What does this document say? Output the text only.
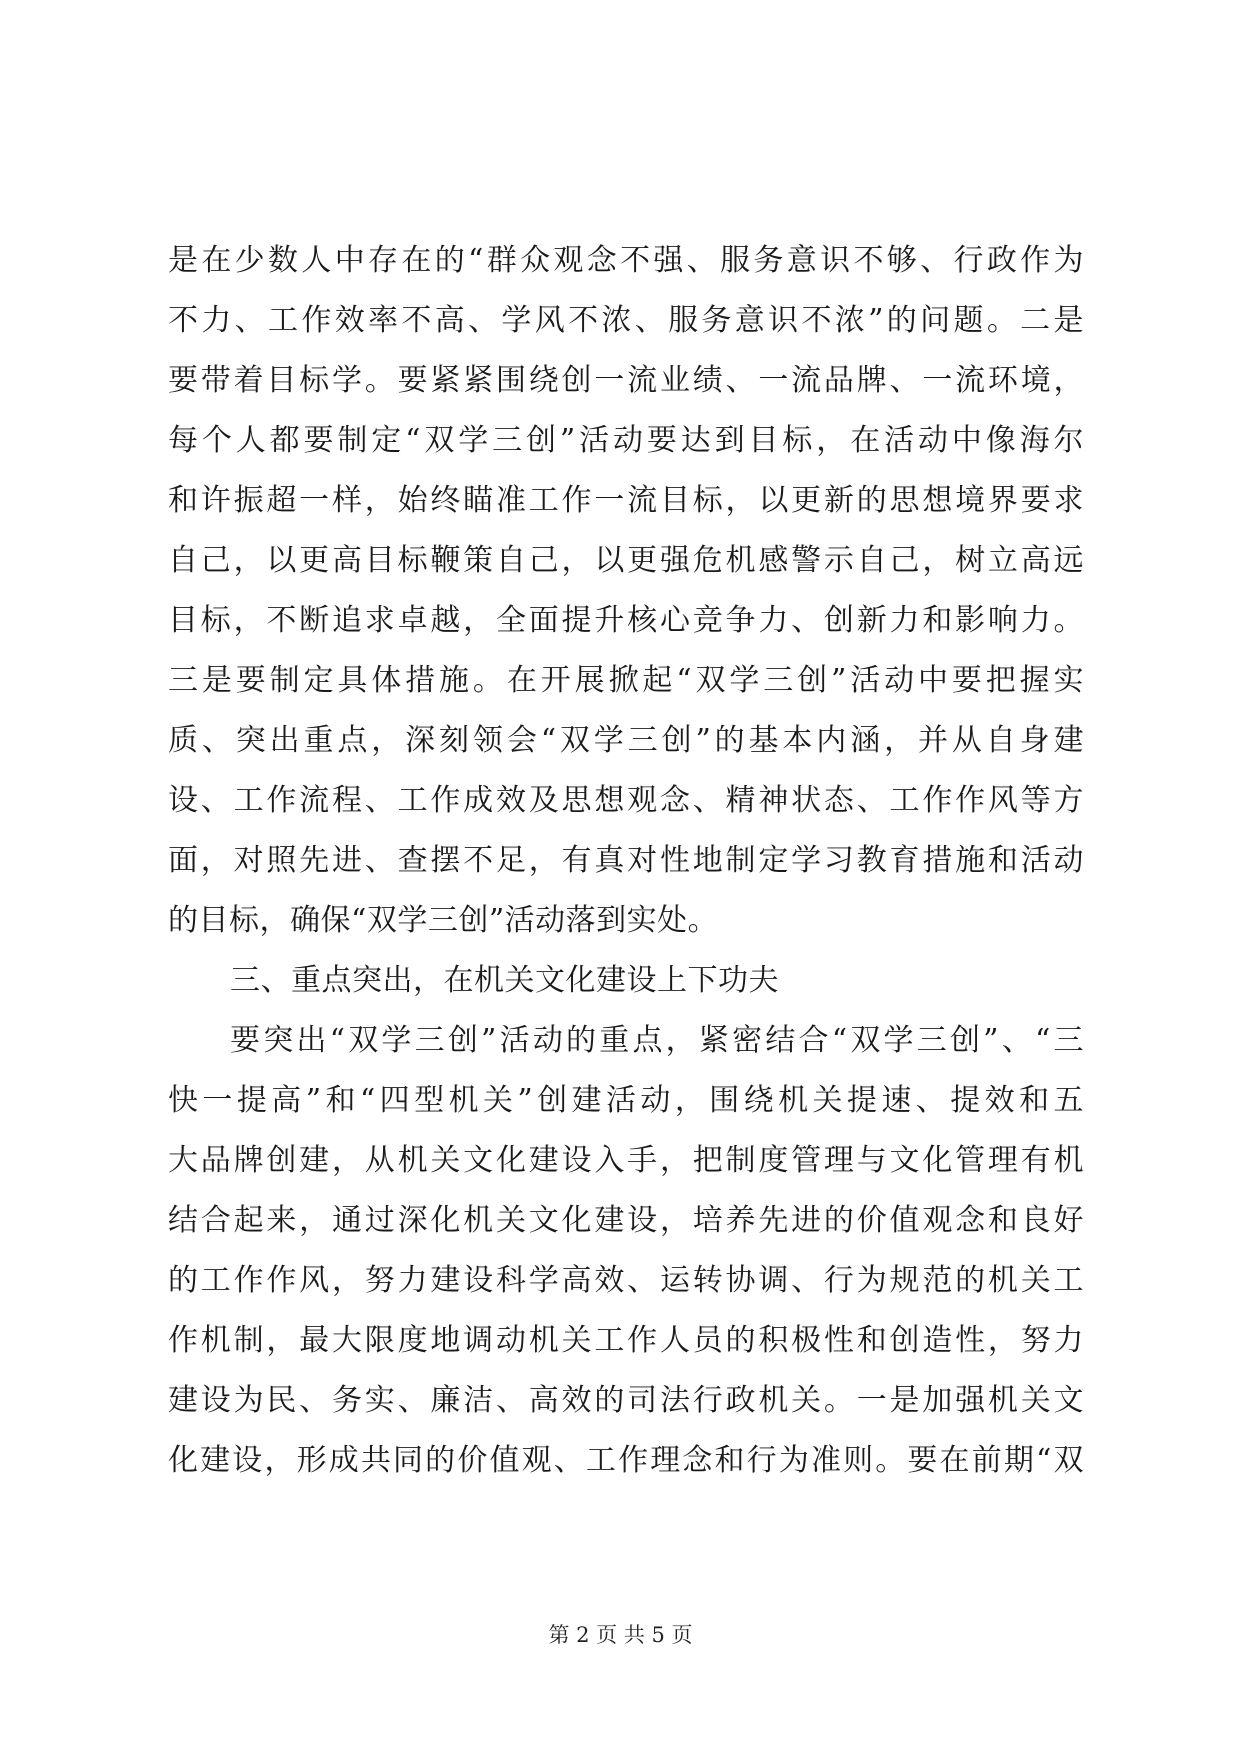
是在少数人中存在的“群众观念不强、服务意识不够、行政作为
不力、工作效率不高、学风不浓、服务意识不浓”的问题。二是
要带着目标学。要紧紧围绕创一流业绩、一流品牌、一流环境，
每个人都要制定“双学三创”活动要达到目标，在活动中像海尔
和许振超一样，始终瞄准工作一流目标，以更新的思想境界要求
自己，以更高目标鞭策自己，以更强危机感警示自己，树立高远
目标，不断追求卓越，全面提升核心竞争力、创新力和影响力。
三是要制定具体措施。在开展掀起“双学三创”活动中要把握实
质、突出重点，深刻领会“双学三创”的基本内涵，并从自身建
设、工作流程、工作成效及思想观念、精神状态、工作作风等方
面，对照先进、查摆不足，有真对性地制定学习教育措施和活动
的目标，确保“双学三创”活动落到实处。
三、重点突出，在机关文化建设上下功夫
要突出“双学三创”活动的重点，紧密结合“双学三创”、“三
快一提高”和“四型机关”创建活动，围绕机关提速、提效和五
大品牌创建，从机关文化建设入手，把制度管理与文化管理有机
结合起来，通过深化机关文化建设，培养先进的价值观念和良好
的工作作风，努力建设科学高效、运转协调、行为规范的机关工
作机制，最大限度地调动机关工作人员的积极性和创造性，努力
建设为民、务实、廉洁、高效的司法行政机关。一是加强机关文
化建设，形成共同的价值观、工作理念和行为准则。要在前期“双
第 2 页 共 5 页
